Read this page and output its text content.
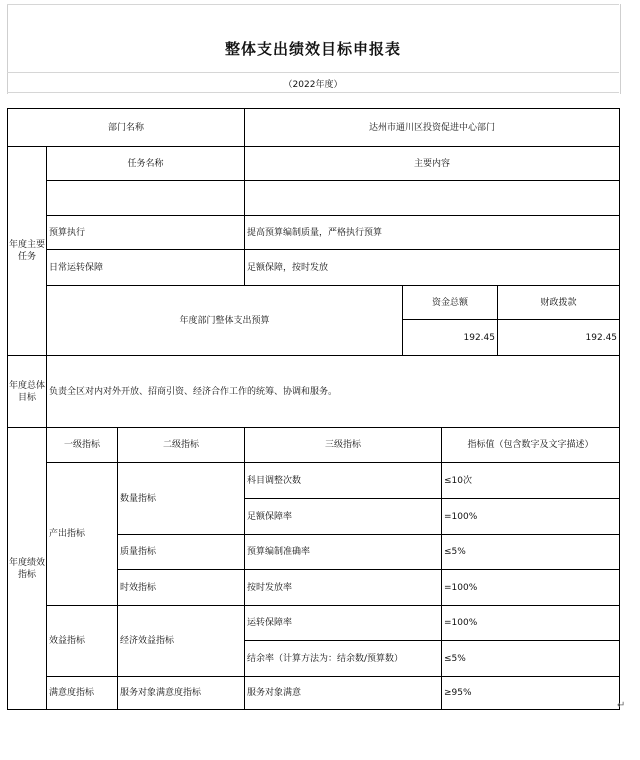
整体支出绩效目标申报表
（2022年度）
部门名称			达州市通川区投资促进中心部门				
年度主要任务	任务名称		主要内容				

	预算执行		提高预算编制质量，严格执行预算				
	日常运转保障		足额保障，按时发放				
	年度部门整体支出预算			资金总额		财政拨款	
				192.45		192.45	
年度总体目标	负责全区对内对外开放、招商引资、经济合作工作的统筹、协调和服务。						
年度绩效指标	一级指标	二级指标	三级指标		指标值（包含数字及文字描述）		
	产出指标	数量指标	科目调整次数		≤10次		
			足额保障率		=100%		
		质量指标	预算编制准确率		≤5%		
		时效指标	按时发放率		=100%		
	效益指标	经济效益指标	运转保障率		=100%		
			结余率（计算方法为：结余数/预算数）		≤5%		
	满意度指标	服务对象满意度指标	服务对象满意		≥95%		
↵
